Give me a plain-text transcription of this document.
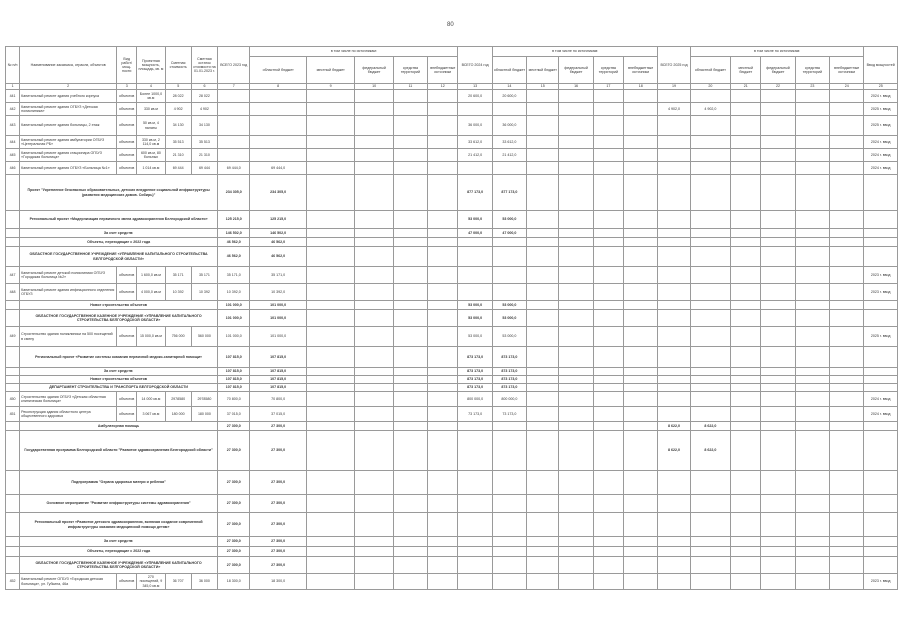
80
№ п/п	Наименование заказчика, отрасли, объектов	Вид работ/мощ-ности	Проектная мощность, площадь, кв. м	Сметная стоимость	Сметная остаток стоимости на 01.01.2023 г.	ВСЕГО 2023 год	в том числе по источникам:					ВСЕГО 2024 год	в том числе по источникам:					ВСЕГО 2025 год	в том числе по источникам:					Ввод мощностей
							областной бюджет	местный бюджет	федеральный бюджет	средства территорий	внебюджетные источники		областной бюджет	местный бюджет	федеральный бюджет	средства территорий	внебюджетные источники		областной бюджет	местный бюджет	федеральный бюджет	средства территорий	внебюджетные источники	
1	2	3	4	5	6	7	8	9	10	11	12	13	14	15	16	17	18	19	20	21	22	23	24	25
441	Капитальный ремонт здания учебного корпуса	объектов	Более 1000,0 кв.м	28 022	28 022							20 600,0	20 600,0											2024 г. ввод
442	Капитальный ремонт здания ОГБУЗ «Детская поликлиника»	объектов	330 кв.м	4 902	4 902													4 902,0	4 902,0					2025 г. ввод
443	Капитальный ремонт здания больницы, 2 этаж	объектов	50 кв.м, 4 палаты	34 130	34 130							36 000,0	36 000,0											2025 г. ввод
444	Капитальный ремонт здания амбулатории ОГБУЗ «Центральная РБ»	объектов	330 кв.м, 2 114,0 кв.м	35 513	35 513							33 612,0	33 612,0											2024 г. ввод
445	Капитальный ремонт здания стационара ОГБУЗ «Городская больница»	объектов	600 кв.м, 80 больных	21 310	21 310							21 412,0	21 412,0											2024 г. ввод
446	Капитальный ремонт здания ОГБУЗ «Больница №1»	объектов	1 014 кв.м	69 444	69 444	69 444,0	69 444,0																	2024 г. ввод
	Проект "Укрепление безопасных образовательных, детских внедрение социальной инфраструктуры (развития медицинских домов. Сибирь)"					234 305,0	234 305,0					877 173,0	877 173,0											
	Региональный проект «Модернизация первичного звена здравоохранения Белгородской области»					125 215,0	125 215,0					53 000,0	53 000,0											
	За счет средств:					146 502,0	146 502,0					47 000,0	47 000,0											
	Объекты, переходящие с 2022 года					46 562,0	46 562,0																	
	ОБЛАСТНОЕ ГОСУДАРСТВЕННОЕ УЧРЕЖДЕНИЕ «УПРАВЛЕНИЕ КАПИТАЛЬНОГО СТРОИТЕЛЬСТВА БЕЛГОРОДСКОЙ ОБЛАСТИ»					46 562,0	46 562,0																	
447	Капитальный ремонт детской поликлиники ОГБУЗ «Городская больница №2»	объектов	1 600,0 кв.м	35 171	35 171	35 171,0	35 171,0																	2023 г. ввод
448	Капитальный ремонт здания инфекционного отделения ОГБУЗ	объектов	4 000,0 кв.м	10 392	10 392	10 392,0	10 392,0																	2023 г. ввод
	Новое строительство объектов					101 000,0	101 000,0					53 000,0	53 000,0											
	ОБЛАСТНОЕ ГОСУДАРСТВЕННОЕ КАЗЕННОЕ УЧРЕЖДЕНИЕ «УПРАВЛЕНИЕ КАПИТАЛЬНОГО СТРОИТЕЛЬСТВА БЕЛГОРОДСКОЙ ОБЛАСТИ»					101 000,0	101 000,0					53 000,0	53 000,0											
449	Строительство здания поликлиники на 500 посещений в смену	объектов	15 000,0 кв.м	756 000	560 000	101 000,0	101 000,0					53 000,0	53 000,0											2025 г. ввод
	Региональный проект «Развитие системы оказания первичной медико-санитарной помощи»					107 815,0	107 815,0					873 173,0	873 173,0											
	За счет средств:					107 815,0	107 815,0					873 173,0	873 173,0											
	Новое строительство объектов					107 815,0	107 815,0					873 173,0	873 173,0											
	ДЕПАРТАМЕНТ СТРОИТЕЛЬСТВА И ТРАНСПОРТА БЕЛГОРОДСКОЙ ОБЛАСТИ					107 815,0	107 815,0					873 173,0	873 173,0											
450	Строительство здания ОГБУЗ «Детская областная клиническая больница»	объектов	14 000 кв.м	2978580	2978580	70 800,0	70 800,0					800 000,0	800 000,0											2024 г. ввод
451	Реконструкция здания областного центра общественного здоровья	объектов	3 067 кв.м	180 000	180 000	37 015,0	37 015,0					73 173,0	73 173,0											2024 г. ввод
	Амбулаторная помощь					27 300,0	27 300,0											8 622,0	8 622,0					
	Государственная программа Белгородской области "Развитие здравоохранения Белгородской области"					27 300,0	27 300,0											8 622,0	8 622,0					
	Подпрограмма "Охрана здоровья матери и ребенка"					27 300,0	27 300,0																	
	Основное мероприятие "Развитие инфраструктуры системы здравоохранения"					27 300,0	27 300,0																	
	Региональный проект «Развитие детского здравоохранения, включая создание современной инфраструктуры оказания медицинской помощи детям»					27 300,0	27 300,0																	
	За счет средств:					27 300,0	27 300,0																	
	Объекты, переходящие с 2022 года					27 300,0	27 300,0																	
	ОБЛАСТНОЕ ГОСУДАРСТВЕННОЕ КАЗЕННОЕ УЧРЕЖДЕНИЕ «УПРАВЛЕНИЕ КАПИТАЛЬНОГО СТРОИТЕЛЬСТВА БЕЛГОРОДСКОЙ ОБЛАСТИ»					27 300,0	27 300,0																	
452	Капитальный ремонт ОГБУЗ «Городская детская больница», ул. Губкина, 46а	объектов	270 посещений, 9 345,0 кв.м	36 707	36 000	18 300,0	18 300,0																	2023 г. ввод
